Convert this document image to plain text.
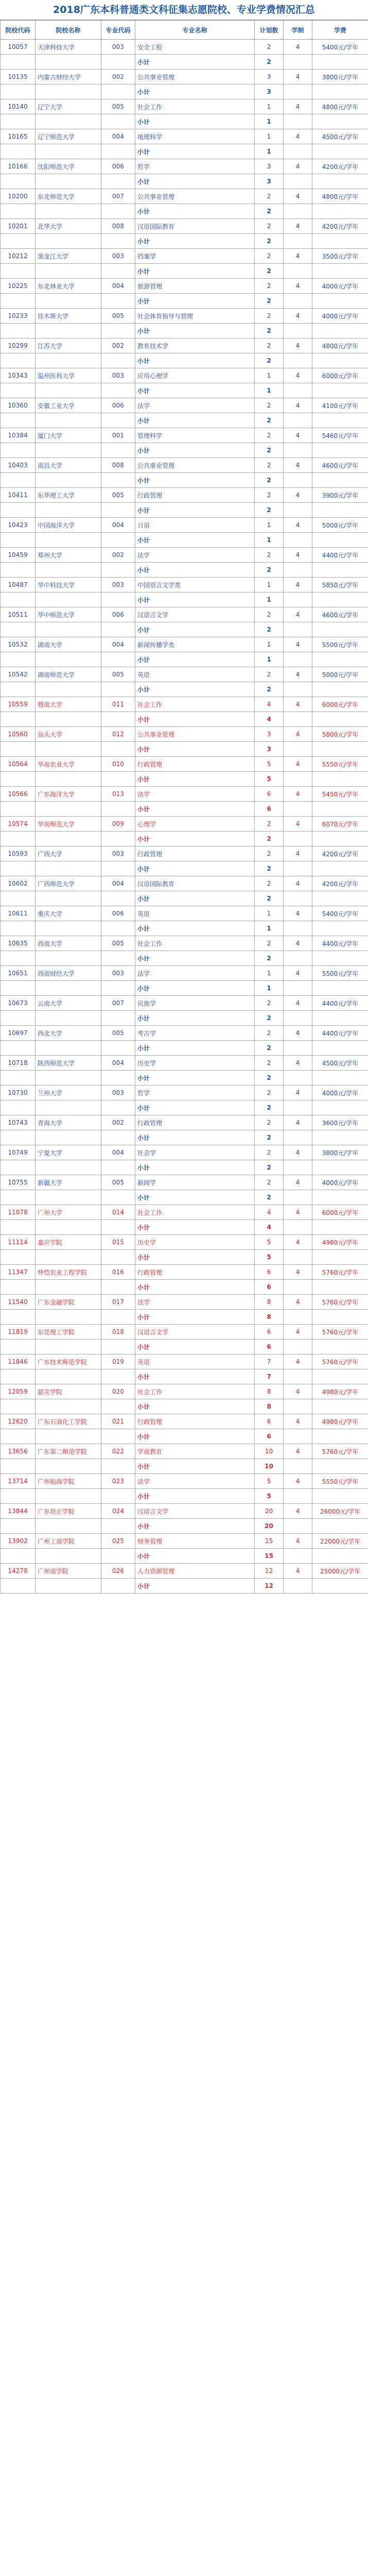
2018广东本科普通类文科征集志愿院校、专业学费情况汇总
院校代码	院校名称	专业代码	专业名称	计划数	学制	学费
10057	天津科技大学	003	安全工程	2	4	5400元/学年
			小计	2		
10135	内蒙古财经大学	002	公共事业管理	3	4	3800元/学年
			小计	3		
10140	辽宁大学	005	社会工作	1	4	4800元/学年
			小计	1		
10165	辽宁师范大学	004	地理科学	1	4	4500元/学年
			小计	1		
10166	沈阳师范大学	006	哲学	3	4	4200元/学年
			小计	3		
10200	东北师范大学	007	公共事业管理	2	4	4800元/学年
			小计	2		
10201	北华大学	008	汉语国际教育	2	4	4200元/学年
			小计	2		
10212	黑龙江大学	003	档案学	2	4	3500元/学年
			小计	2		
10225	东北林业大学	004	旅游管理	2	4	4000元/学年
			小计	2		
10233	佳木斯大学	005	社会体育指导与管理	2	4	4000元/学年
			小计	2		
10299	江苏大学	002	教育技术学	2	4	4800元/学年
			小计	2		
10343	温州医科大学	003	应用心理学	1	4	6000元/学年
			小计	1		
10360	安徽工业大学	006	法学	2	4	4100元/学年
			小计	2		
10384	厦门大学	001	管理科学	2	4	5460元/学年
			小计	2		
10403	南昌大学	008	公共事业管理	2	4	4600元/学年
			小计	2		
10411	东华理工大学	005	行政管理	2	4	3900元/学年
			小计	2		
10423	中国海洋大学	004	日语	1	4	5000元/学年
			小计	1		
10459	郑州大学	002	法学	2	4	4400元/学年
			小计	2		
10487	华中科技大学	003	中国语言文学类	1	4	5850元/学年
			小计	1		
10511	华中师范大学	006	汉语言文学	2	4	4600元/学年
			小计	2		
10532	湖南大学	004	新闻传播学类	1	4	5500元/学年
			小计	1		
10542	湖南师范大学	005	英语	2	4	5000元/学年
			小计	2		
10559	暨南大学	011	社会工作	4	4	6000元/学年
			小计	4		
10560	汕头大学	012	公共事业管理	3	4	5800元/学年
			小计	3		
10564	华南农业大学	010	行政管理	5	4	5550元/学年
			小计	5		
10566	广东海洋大学	013	法学	6	4	5450元/学年
			小计	6		
10574	华南师范大学	009	心理学	2	4	6070元/学年
			小计	2		
10593	广西大学	003	行政管理	2	4	4200元/学年
			小计	2		
10602	广西师范大学	004	汉语国际教育	2	4	4200元/学年
			小计	2		
10611	重庆大学	006	英语	1	4	5400元/学年
			小计	1		
10635	西南大学	005	社会工作	2	4	4400元/学年
			小计	2		
10651	西南财经大学	003	法学	1	4	5500元/学年
			小计	1		
10673	云南大学	007	民族学	2	4	4400元/学年
			小计	2		
10697	西北大学	005	考古学	2	4	4400元/学年
			小计	2		
10718	陕西师范大学	004	历史学	2	4	4500元/学年
			小计	2		
10730	兰州大学	003	哲学	2	4	4000元/学年
			小计	2		
10743	青海大学	002	行政管理	2	4	3600元/学年
			小计	2		
10749	宁夏大学	004	社会学	2	4	3800元/学年
			小计	2		
10755	新疆大学	005	新闻学	2	4	4000元/学年
			小计	2		
11078	广州大学	014	社会工作	4	4	6000元/学年
			小计	4		
11114	嘉应学院	015	历史学	5	4	4980元/学年
			小计	5		
11347	仲恺农业工程学院	016	行政管理	6	4	5760元/学年
			小计	6		
11540	广东金融学院	017	法学	8	4	5760元/学年
			小计	8		
11819	东莞理工学院	018	汉语言文学	6	4	5760元/学年
			小计	6		
11846	广东技术师范学院	019	英语	7	4	5760元/学年
			小计	7		
12059	韶关学院	020	社会工作	8	4	4980元/学年
			小计	8		
12620	广东石油化工学院	021	行政管理	6	4	4980元/学年
			小计	6		
13656	广东第二师范学院	022	学前教育	10	4	5760元/学年
			小计	10		
13714	广州航海学院	023	法学	5	4	5550元/学年
			小计	5		
13844	广东培正学院	024	汉语言文学	20	4	26000元/学年
			小计	20		
13902	广州工商学院	025	财务管理	15	4	22000元/学年
			小计	15		
14278	广州商学院	026	人力资源管理	12	4	25000元/学年
			小计	12		
